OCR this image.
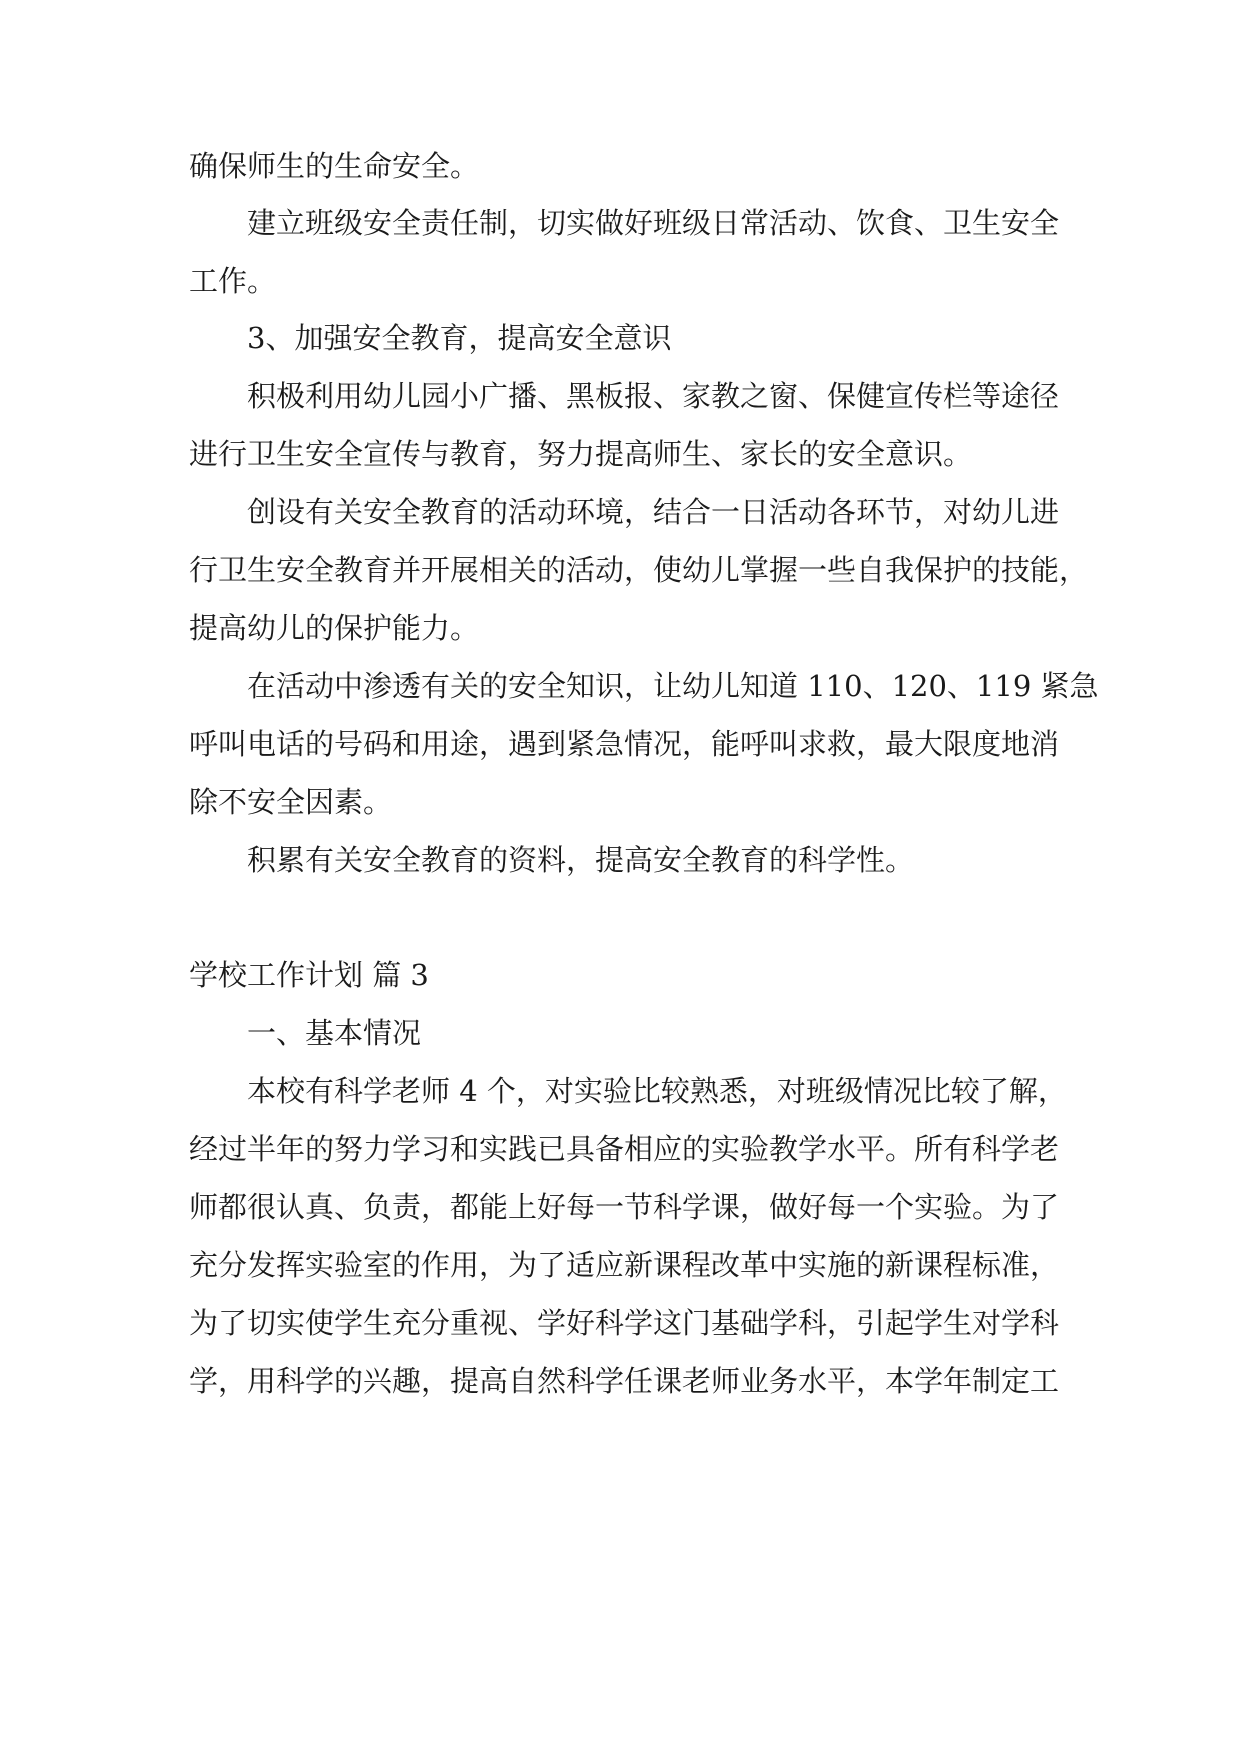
确保师生的生命安全。
建立班级安全责任制，切实做好班级日常活动、饮食、卫生安全
工作。
3、加强安全教育，提高安全意识
积极利用幼儿园小广播、黑板报、家教之窗、保健宣传栏等途径
进行卫生安全宣传与教育，努力提高师生、家长的安全意识。
创设有关安全教育的活动环境，结合一日活动各环节，对幼儿进
行卫生安全教育并开展相关的活动，使幼儿掌握一些自我保护的技能，
提高幼儿的保护能力。
在活动中渗透有关的安全知识，让幼儿知道 110、120、119 紧急
呼叫电话的号码和用途，遇到紧急情况，能呼叫求救，最大限度地消
除不安全因素。
积累有关安全教育的资料，提高安全教育的科学性。
学校工作计划 篇 3
一、基本情况
本校有科学老师 4 个，对实验比较熟悉，对班级情况比较了解，
经过半年的努力学习和实践已具备相应的实验教学水平。所有科学老
师都很认真、负责，都能上好每一节科学课，做好每一个实验。为了
充分发挥实验室的作用，为了适应新课程改革中实施的新课程标准，
为了切实使学生充分重视、学好科学这门基础学科，引起学生对学科
学，用科学的兴趣，提高自然科学任课老师业务水平，本学年制定工
